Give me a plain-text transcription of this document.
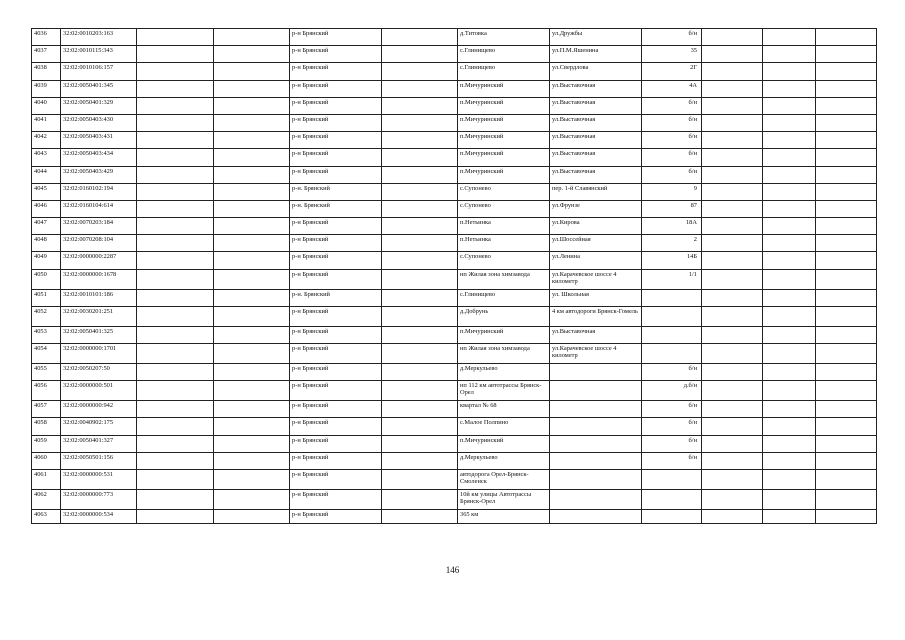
4036	32:02:0010203:163			р-н Брянский		д.Титовка	ул.Дружбы	б/н			
4037	32:02:0010115:343			р-н Брянский		с.Глинищево	ул.П.М.Яшенина	35			
4038	32:02:0010106:157			р-н Брянский		с.Глинищево	ул.Свердлова	2Г			
4039	32:02:0050401:345			р-н Брянский		п.Мичуринский	ул.Выставочная	4А			
4040	32:02:0050401:329			р-н Брянский		п.Мичуринский	ул.Выставочная	б/н			
4041	32:02:0050403:430			р-н Брянский		п.Мичуринский	ул.Выставочная	б/н			
4042	32:02:0050403:431			р-н Брянский		п.Мичуринский	ул.Выставочная	б/н			
4043	32:02:0050403:434			р-н Брянский		п.Мичуринский	ул.Выставочная	б/н			
4044	32:02:0050403:429			р-н Брянский		п.Мичуринский	ул.Выставочная	б/н			
4045	32:02:0160102:194			р-н. Брянский		с.Супонево	пер. 1-й Славянский	9			
4046	32:02:0160104:614			р-н. Брянский		с.Супонево	ул.Фрунзе	87			
4047	32:02:0070203:184			р-н Брянский		п.Нетьинка	ул.Кирова	18А			
4048	32:02:0070208:104			р-н Брянский		п.Нетьинка	ул.Шоссейная	2			
4049	32:02:0000000:2287			р-н Брянский		с.Супонево	ул.Ленина	14Б			
4050	32:02:0000000:1678			р-н Брянский		нп Жилая зона химзавода	ул.Карачевское шоссе 4 километр	1/1			
4051	32:02:0010101:186			р-н. Брянский		с.Глинищево	ул. Школьная				
4052	32:02:0030201:251			р-н Брянский		д.Добрунь	4 км автодороги Брянск-Гомель				
4053	32:02:0050401:325			р-н Брянский		п.Мичуринский	ул.Выставочная				
4054	32:02:0000000:1701			р-н Брянский		нп Жилая зона химзавода	ул.Карачевское шоссе 4 километр				
4055	32:02:0050207:50			р-н Брянский		д.Меркульево		б/н			
4056	32:02:0000000:501			р-н Брянский		нп 112 км автотрассы Брянск-Орел		д.б/н			
4057	32:02:0000000:942			р-н Брянский		квартал № 68		б/н			
4058	32:02:0040902:175			р-н Брянский		с.Малое Полпино		б/н			
4059	32:02:0050401:327			р-н Брянский		п.Мичуринский		б/н			
4060	32:02:0050501:156			р-н Брянский		д.Меркульево		б/н			
4061	32:02:0000000:531			р-н Брянский		автодорога Орел-Брянск-Смоленск					
4062	32:02:0000000:773			р-н Брянский		10й км улицы Автотрассы Брянск-Орел					
4063	32:02:0000000:534			р-н Брянский		365 км					
146
